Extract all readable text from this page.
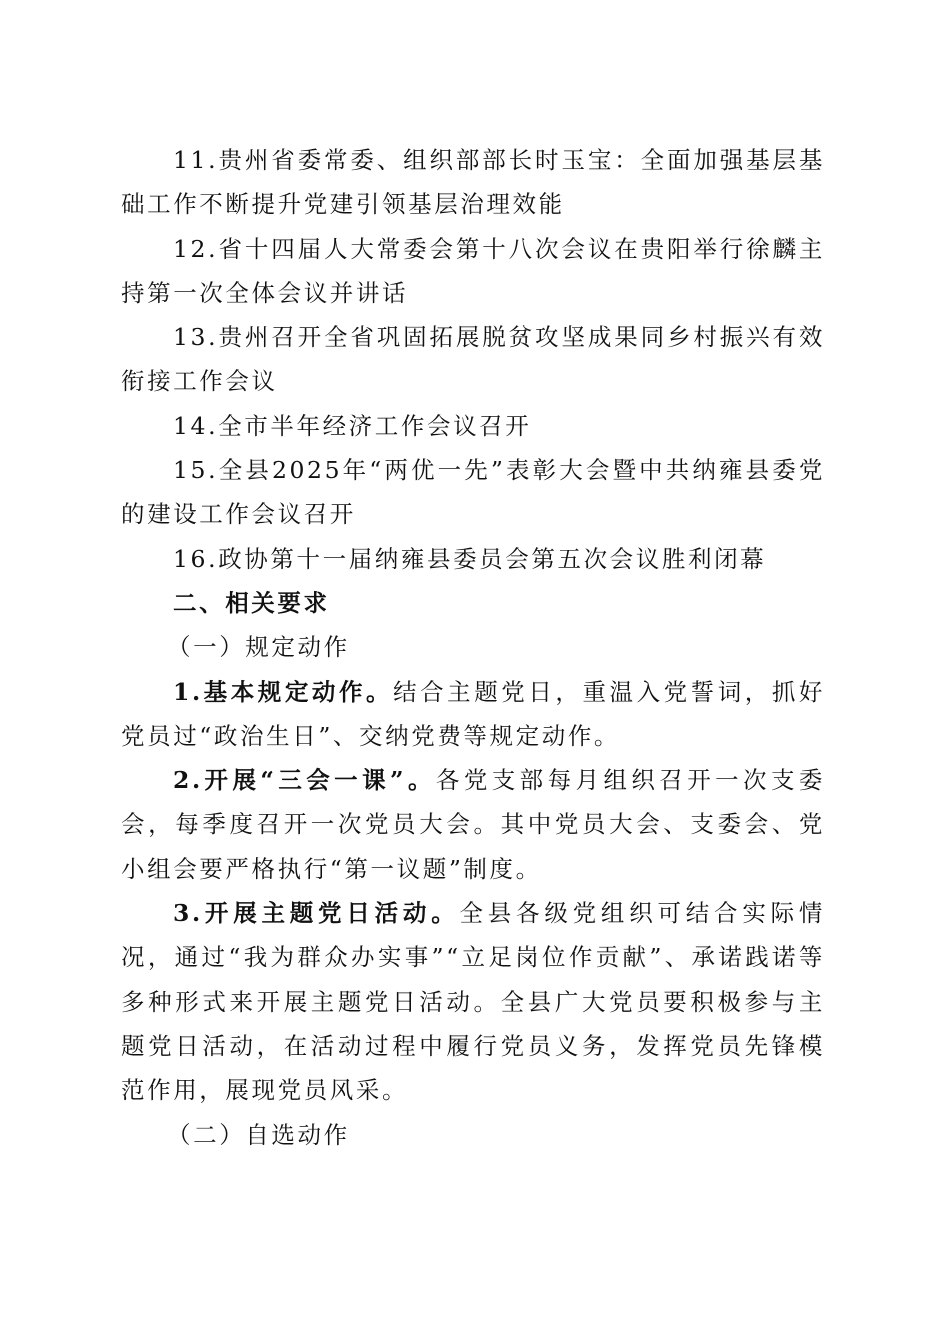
11.贵州省委常委、组织部部长时玉宝：全面加强基层基础工作不断提升党建引领基层治理效能

12.省十四届人大常委会第十八次会议在贵阳举行徐麟主持第一次全体会议并讲话

13.贵州召开全省巩固拓展脱贫攻坚成果同乡村振兴有效衔接工作会议

14.全市半年经济工作会议召开

15.全县2025年“两优一先”表彰大会暨中共纳雍县委党的建设工作会议召开

16.政协第十一届纳雍县委员会第五次会议胜利闭幕

二、相关要求

（一）规定动作

1.基本规定动作。结合主题党日，重温入党誓词，抓好党员过“政治生日”、交纳党费等规定动作。

2.开展“三会一课”。各党支部每月组织召开一次支委会，每季度召开一次党员大会。其中党员大会、支委会、党小组会要严格执行“第一议题”制度。

3.开展主题党日活动。全县各级党组织可结合实际情况，通过“我为群众办实事”“立足岗位作贡献”、承诺践诺等多种形式来开展主题党日活动。全县广大党员要积极参与主题党日活动，在活动过程中履行党员义务，发挥党员先锋模范作用，展现党员风采。

（二）自选动作
